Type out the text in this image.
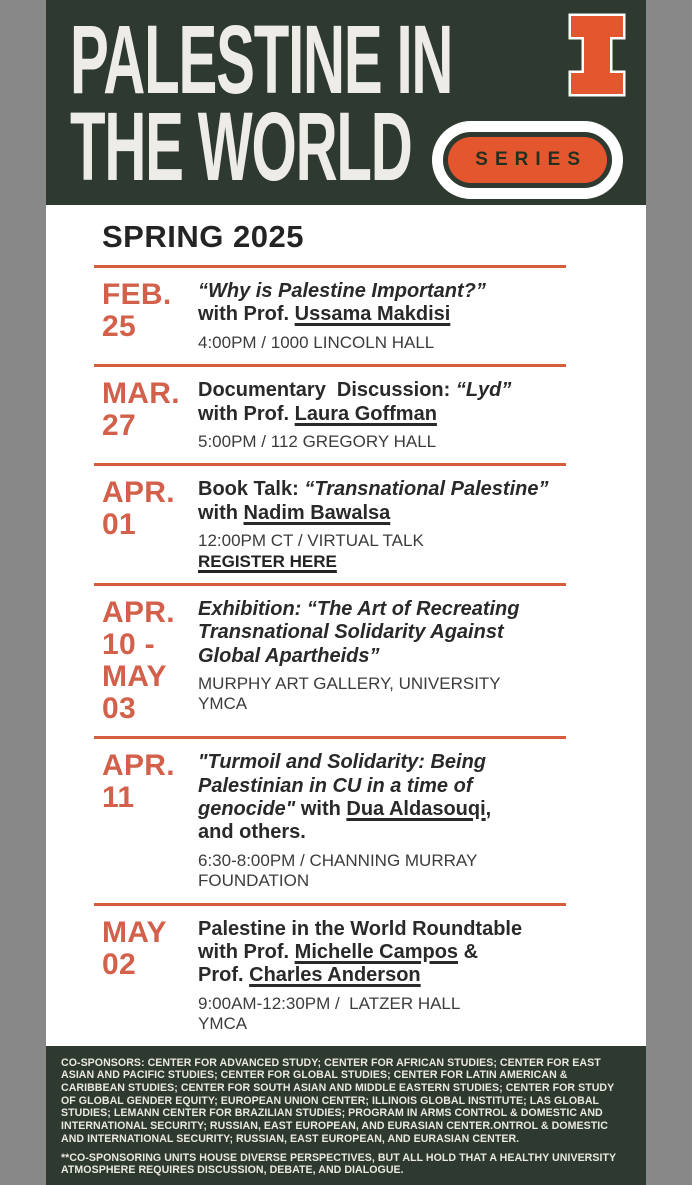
PALESTINE IN
THE WORLD	SERIES
SPRING 2025
FEB.
25
“Why is Palestine Important?”
with Prof. Ussama Makdisi
4:00PM / 1000 LINCOLN HALL
MAR.
27
Documentary  Discussion: “Lyd”
with Prof. Laura Goffman
5:00PM / 112 GREGORY HALL
APR.
01
Book Talk: “Transnational Palestine”
with Nadim Bawalsa
12:00PM CT / VIRTUAL TALK
REGISTER HERE
APR.
10 -
MAY
03
Exhibition: “The Art of Recreating Transnational Solidarity Against Global Apartheids”
MURPHY ART GALLERY, UNIVERSITY YMCA
APR.
11
"Turmoil and Solidarity: Being Palestinian in CU in a time of genocide" with Dua Aldasouqi,
and others.
6:30-8:00PM / CHANNING MURRAY FOUNDATION
MAY
02
Palestine in the World Roundtable
with Prof. Michelle Campos &
Prof. Charles Anderson
9:00AM-12:30PM /  LATZER HALL YMCA

CO-SPONSORS: CENTER FOR ADVANCED STUDY; CENTER FOR AFRICAN STUDIES; CENTER FOR EAST ASIAN AND PACIFIC STUDIES; CENTER FOR GLOBAL STUDIES; CENTER FOR LATIN AMERICAN & CARIBBEAN STUDIES; CENTER FOR SOUTH ASIAN AND MIDDLE EASTERN STUDIES; CENTER FOR STUDY OF GLOBAL GENDER EQUITY; EUROPEAN UNION CENTER; ILLINOIS GLOBAL INSTITUTE; LAS GLOBAL STUDIES; LEMANN CENTER FOR BRAZILIAN STUDIES; PROGRAM IN ARMS CONTROL & DOMESTIC AND INTERNATIONAL SECURITY; RUSSIAN, EAST EUROPEAN, AND EURASIAN CENTER.ONTROL & DOMESTIC AND INTERNATIONAL SECURITY; RUSSIAN, EAST EUROPEAN, AND EURASIAN CENTER.

**CO-SPONSORING UNITS HOUSE DIVERSE PERSPECTIVES, BUT ALL HOLD THAT A HEALTHY UNIVERSITY ATMOSPHERE REQUIRES DISCUSSION, DEBATE, AND DIALOGUE.
